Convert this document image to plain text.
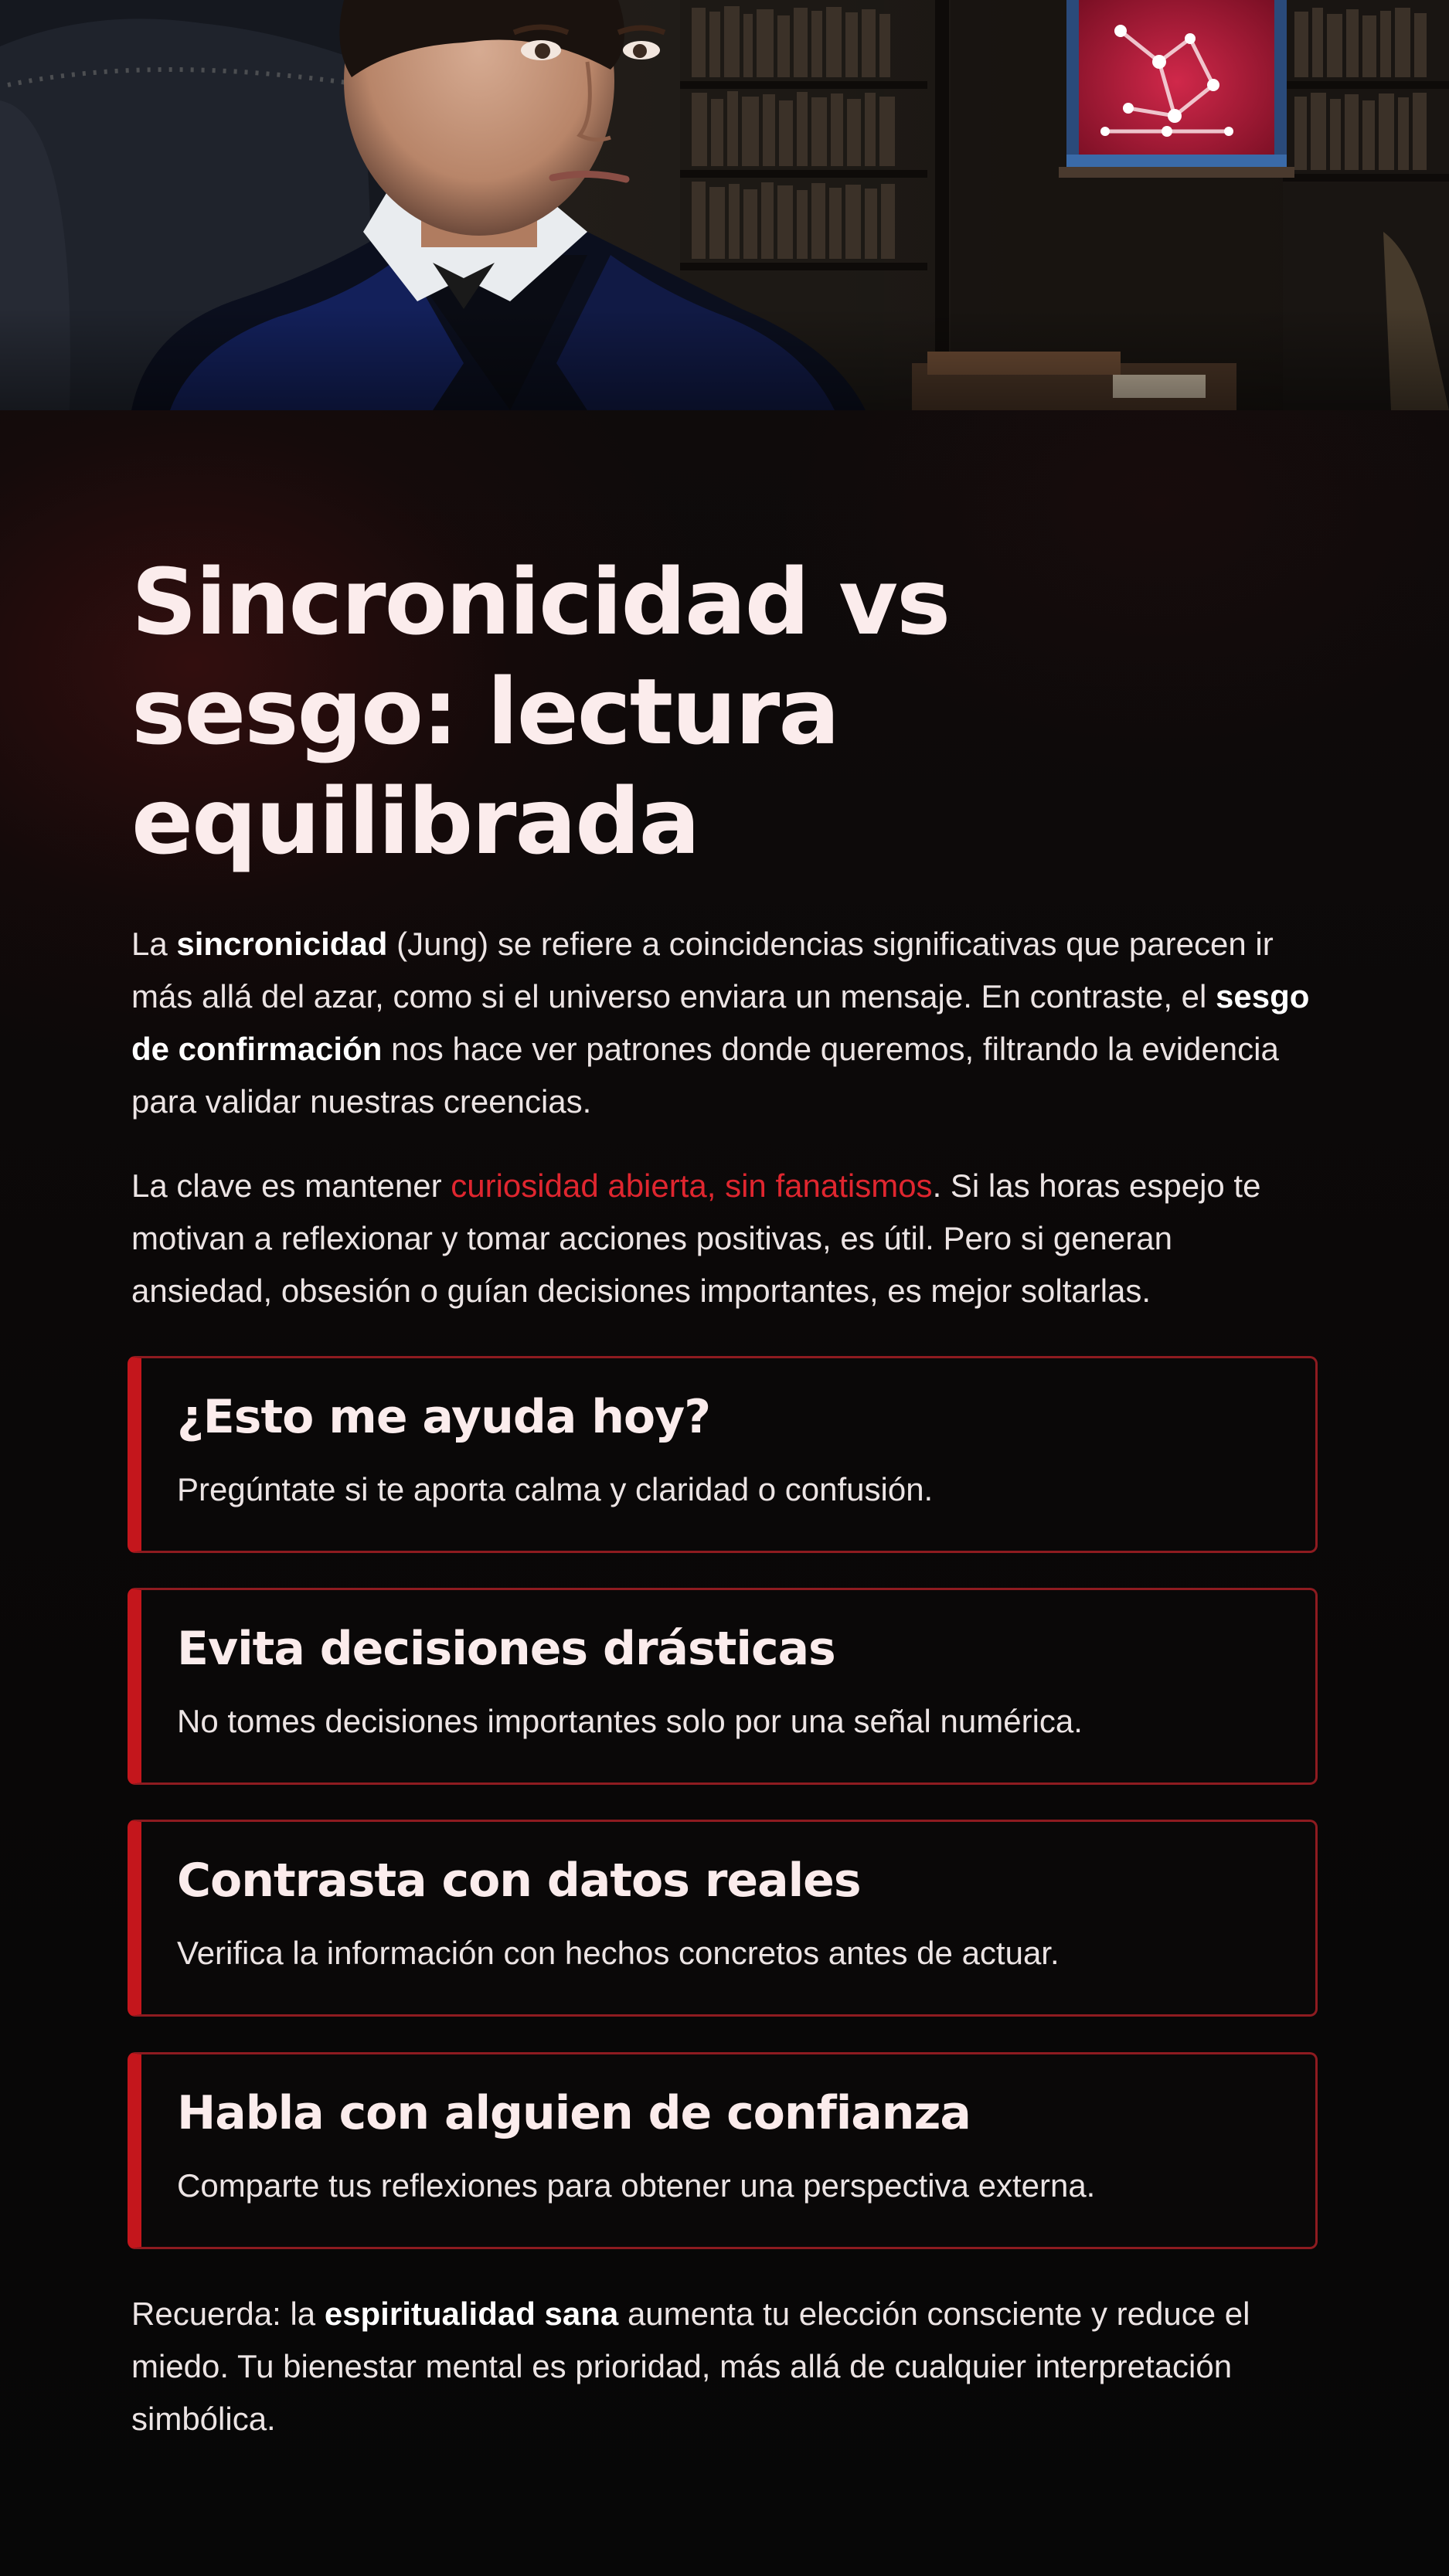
Sincronicidad vs sesgo: lectura equilibrada

La sincronicidad (Jung) se refiere a coincidencias significativas que parecen ir más allá del azar, como si el universo enviara un mensaje. En contraste, el sesgo de confirmación nos hace ver patrones donde queremos, filtrando la evidencia para validar nuestras creencias.

La clave es mantener curiosidad abierta, sin fanatismos. Si las horas espejo te motivan a reflexionar y tomar acciones positivas, es útil. Pero si generan ansiedad, obsesión o guían decisiones importantes, es mejor soltarlas.

¿Esto me ayuda hoy?
Pregúntate si te aporta calma y claridad o confusión.
Evita decisiones drásticas
No tomes decisiones importantes solo por una señal numérica.
Contrasta con datos reales
Verifica la información con hechos concretos antes de actuar.
Habla con alguien de confianza
Comparte tus reflexiones para obtener una perspectiva externa.

Recuerda: la espiritualidad sana aumenta tu elección consciente y reduce el miedo. Tu bienestar mental es prioridad, más allá de cualquier interpretación simbólica.
